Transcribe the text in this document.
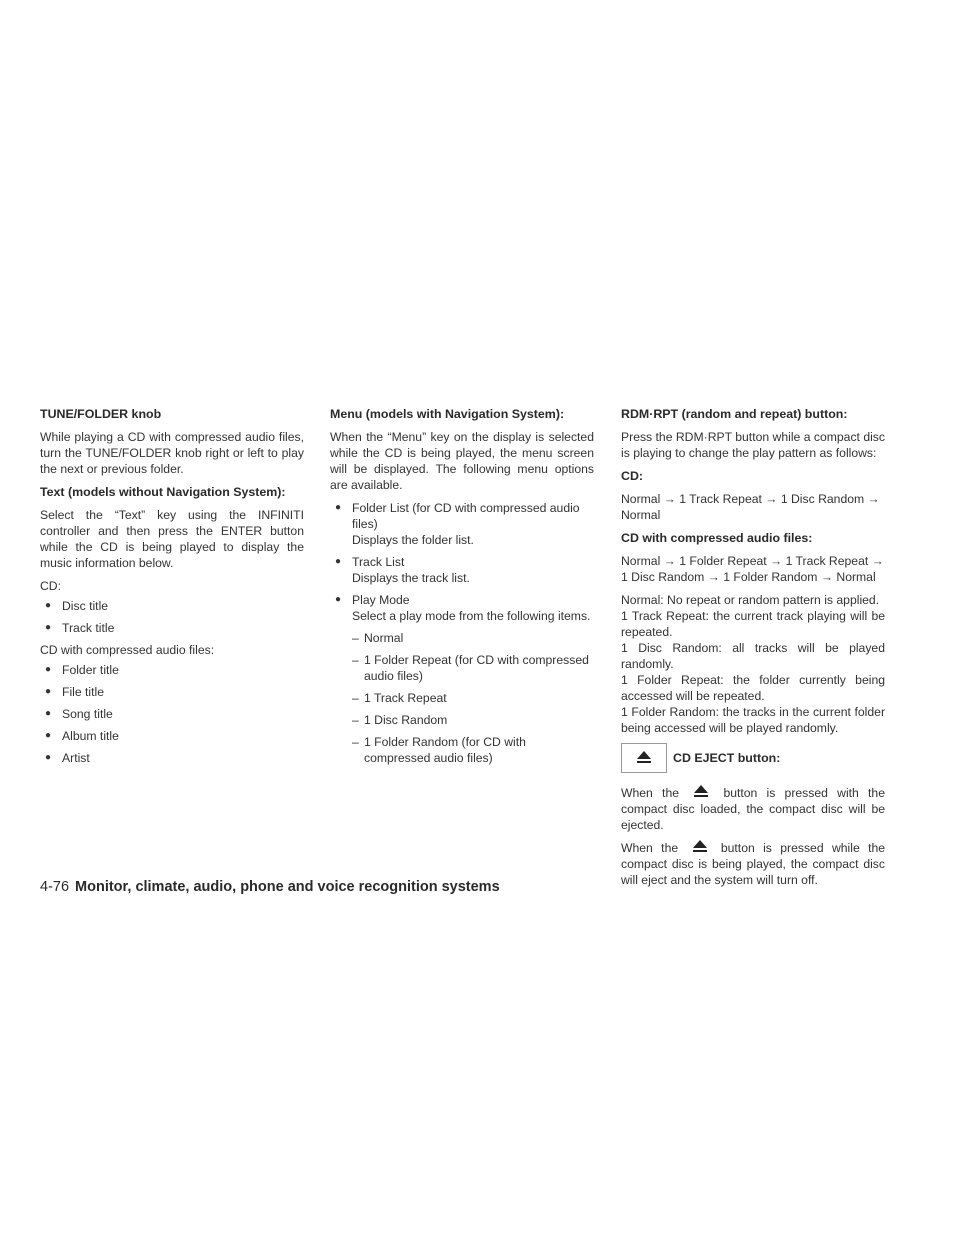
TUNE/FOLDER knob

While playing a CD with compressed audio files, turn the TUNE/FOLDER knob right or left to play the next or previous folder.

Text (models without Navigation System):

Select the “Text” key using the INFINITI controller and then press the ENTER button while the CD is being played to display the music information below.

CD:

● Disc title
● Track title

CD with compressed audio files:

● Folder title
● File title
● Song title
● Album title
● Artist
Menu (models with Navigation System):

When the “Menu” key on the display is selected while the CD is being played, the menu screen will be displayed. The following menu options are available.

● Folder List (for CD with compressed audio files)
Displays the folder list.
● Track List
Displays the track list.
● Play Mode
Select a play mode from the following items.
– Normal
– 1 Folder Repeat (for CD with compressed audio files)
– 1 Track Repeat
– 1 Disc Random
– 1 Folder Random (for CD with compressed audio files)
RDM·RPT (random and repeat) button:

Press the RDM·RPT button while a compact disc is playing to change the play pattern as follows:

CD:

Normal → 1 Track Repeat → 1 Disc Random → Normal

CD with compressed audio files:

Normal → 1 Folder Repeat → 1 Track Repeat → 1 Disc Random → 1 Folder Random → Normal

Normal: No repeat or random pattern is applied.
1 Track Repeat: the current track playing will be repeated.
1 Disc Random: all tracks will be played randomly.
1 Folder Repeat: the folder currently being accessed will be repeated.
1 Folder Random: the tracks in the current folder being accessed will be played randomly.
CD EJECT button:

When the	button is pressed with the compact disc loaded, the compact disc will be ejected.

When the	button is pressed while the compact disc is being played, the compact disc will eject and the system will turn off.

4-76 Monitor, climate, audio, phone and voice recognition systems
